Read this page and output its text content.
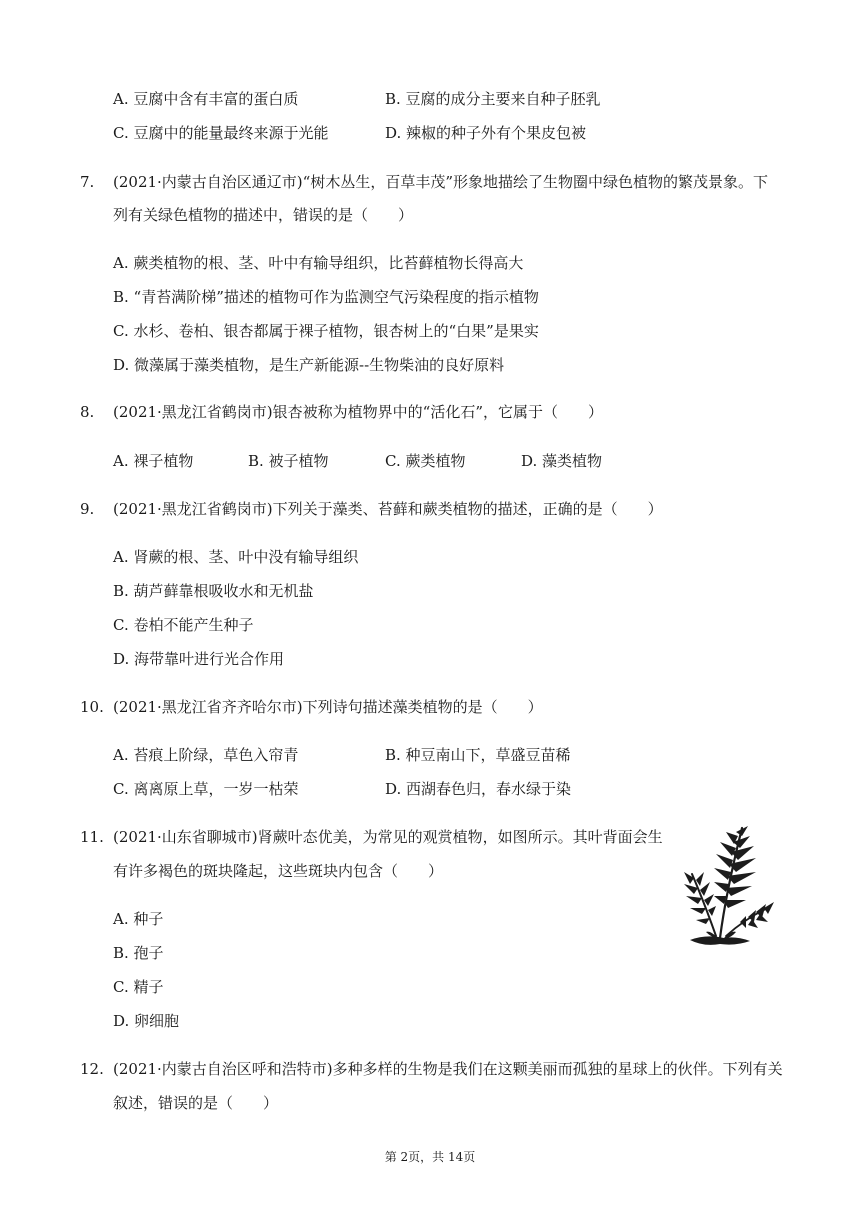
A. 豆腐中含有丰富的蛋白质	B. 豆腐的成分主要来自种子胚乳
C. 豆腐中的能量最终来源于光能	D. 辣椒的种子外有个果皮包被
7. (2021·内蒙古自治区通辽市)“树木丛生，百草丰茂”形象地描绘了生物圈中绿色植物的繁茂景象。下
列有关绿色植物的描述中，错误的是（　　）
A. 蕨类植物的根、茎、叶中有输导组织，比苔藓植物长得高大
B. “青苔满阶梯”描述的植物可作为监测空气污染程度的指示植物
C. 水杉、卷柏、银杏都属于裸子植物，银杏树上的“白果”是果实
D. 微藻属于藻类植物，是生产新能源--生物柴油的良好原料
8. (2021·黑龙江省鹤岗市)银杏被称为植物界中的“活化石”，它属于（　　）
A. 裸子植物	B. 被子植物	C. 蕨类植物	D. 藻类植物
9. (2021·黑龙江省鹤岗市)下列关于藻类、苔藓和蕨类植物的描述，正确的是（　　）
A. 肾蕨的根、茎、叶中没有输导组织
B. 葫芦藓靠根吸收水和无机盐
C. 卷柏不能产生种子
D. 海带靠叶进行光合作用
10. (2021·黑龙江省齐齐哈尔市)下列诗句描述藻类植物的是（　　）
A. 苔痕上阶绿，草色入帘青	B. 种豆南山下，草盛豆苗稀
C. 离离原上草，一岁一枯荣	D. 西湖春色归，春水绿于染
11. (2021·山东省聊城市)肾蕨叶态优美，为常见的观赏植物，如图所示。其叶背面会生
有许多褐色的斑块隆起，这些斑块内包含（　　）
A. 种子
B. 孢子
C. 精子
D. 卵细胞
12. (2021·内蒙古自治区呼和浩特市)多种多样的生物是我们在这颗美丽而孤独的星球上的伙伴。下列有关
叙述，错误的是（　　）
第 2页，共 14页
